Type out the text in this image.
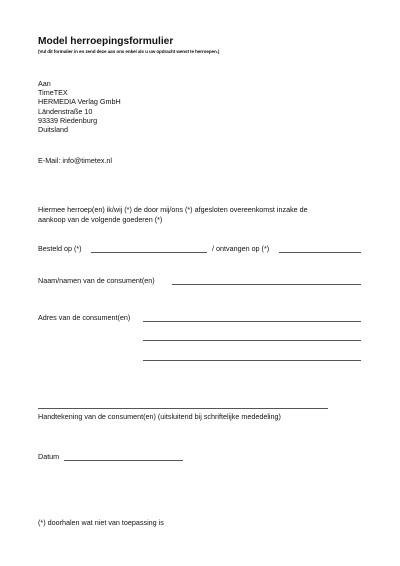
Model herroepingsformulier
(Vul dit formulier in en zend deze aan ons enkel als u uw opdracht wenst te herroepen.)
Aan
TimeTEX
HERMEDIA Verlag GmbH
Ländenstraße 10
93339 Riedenburg
Duitsland
E-Mail: info@timetex.nl
Hiermee herroep(en) ik/wij (*) de door mij/ons (*) afgesloten overeenkomst inzake de
aankoop van de volgende goederen (*)
Besteld op (*)	/ ontvangen op (*)
Naam/namen van de consument(en)
Adres van de consument(en)
Handtekening van de consument(en) (uitsluitend bij schriftelijke mededeling)
Datum
(*) doorhalen wat niet van toepassing is
